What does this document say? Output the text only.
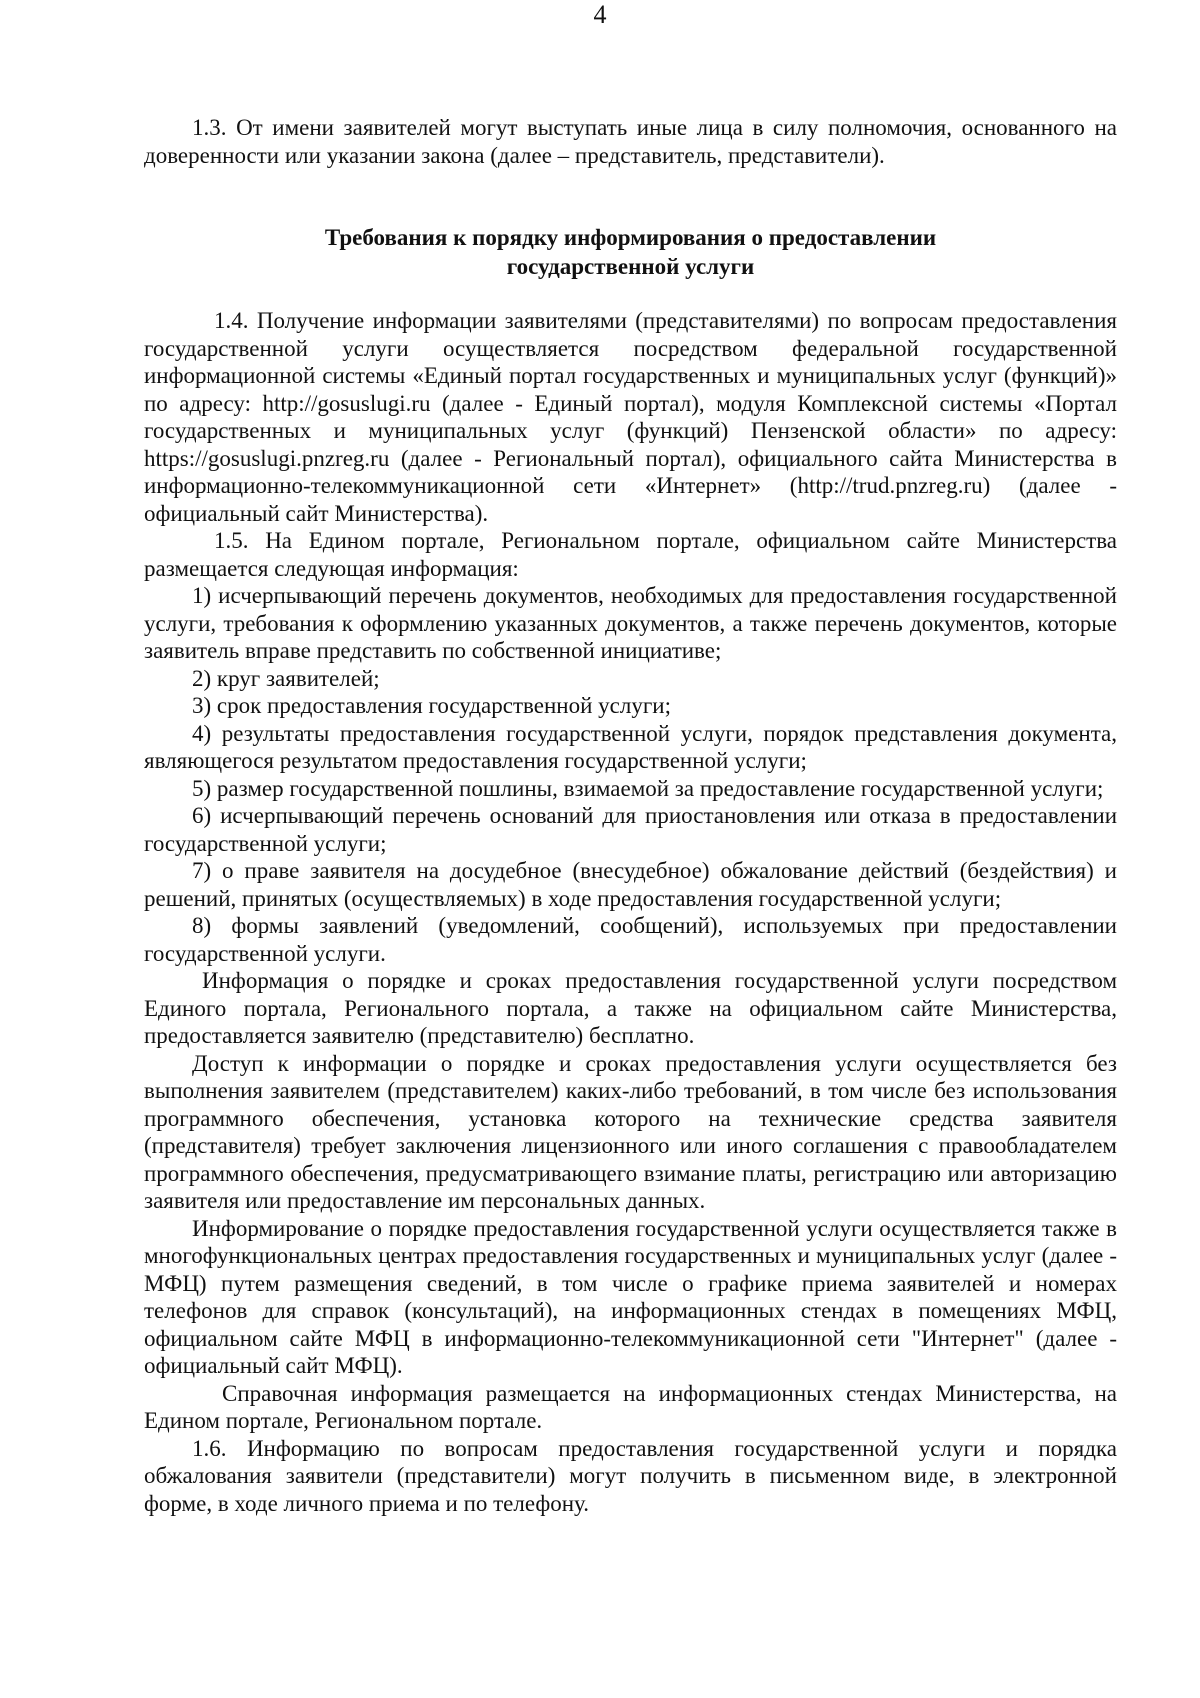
4

1.3. От имени заявителей могут выступать иные лица в силу полномочия, основанного на доверенности или указании закона (далее – представитель, представители).

Требования к порядку информирования о предоставлении
государственной услуги

1.4. Получение информации заявителями (представителями) по вопросам предоставления государственной услуги осуществляется посредством федеральной государственной информационной системы «Единый портал государственных и муниципальных услуг (функций)» по адресу: http://gosuslugi.ru (далее - Единый портал), модуля Комплексной системы «Портал государственных и муниципальных услуг (функций) Пензенской области» по адресу: https://gosuslugi.pnzreg.ru (далее - Региональный портал), официального сайта Министерства в информационно-телекоммуникационной сети «Интернет» (http://trud.pnzreg.ru) (далее - официальный сайт Министерства).

1.5. На Едином портале, Региональном портале, официальном сайте Министерства размещается следующая информация:

1) исчерпывающий перечень документов, необходимых для предоставления государственной услуги, требования к оформлению указанных документов, а также перечень документов, которые заявитель вправе представить по собственной инициативе;

2) круг заявителей;

3) срок предоставления государственной услуги;

4) результаты предоставления государственной услуги, порядок представления документа, являющегося результатом предоставления государственной услуги;

5) размер государственной пошлины, взимаемой за предоставление государственной услуги;

6) исчерпывающий перечень оснований для приостановления или отказа в предоставлении государственной услуги;

7) о праве заявителя на досудебное (внесудебное) обжалование действий (бездействия) и решений, принятых (осуществляемых) в ходе предоставления государственной услуги;

8) формы заявлений (уведомлений, сообщений), используемых при предоставлении государственной услуги.

Информация о порядке и сроках предоставления государственной услуги посредством Единого портала, Регионального портала, а также на официальном сайте Министерства, предоставляется заявителю (представителю) бесплатно.

Доступ к информации о порядке и сроках предоставления услуги осуществляется без выполнения заявителем (представителем) каких-либо требований, в том числе без использования программного обеспечения, установка которого на технические средства заявителя (представителя) требует заключения лицензионного или иного соглашения с правообладателем программного обеспечения, предусматривающего взимание платы, регистрацию или авторизацию заявителя или предоставление им персональных данных.

Информирование о порядке предоставления государственной услуги осуществляется также в многофункциональных центрах предоставления государственных и муниципальных услуг (далее - МФЦ) путем размещения сведений, в том числе о графике приема заявителей и номерах телефонов для справок (консультаций), на информационных стендах в помещениях МФЦ, официальном сайте МФЦ в информационно-телекоммуникационной сети "Интернет" (далее - официальный сайт МФЦ).

Справочная информация размещается на информационных стендах Министерства, на Едином портале, Региональном портале.

1.6. Информацию по вопросам предоставления государственной услуги и порядка обжалования заявители (представители) могут получить в письменном виде, в электронной форме, в ходе личного приема и по телефону.
